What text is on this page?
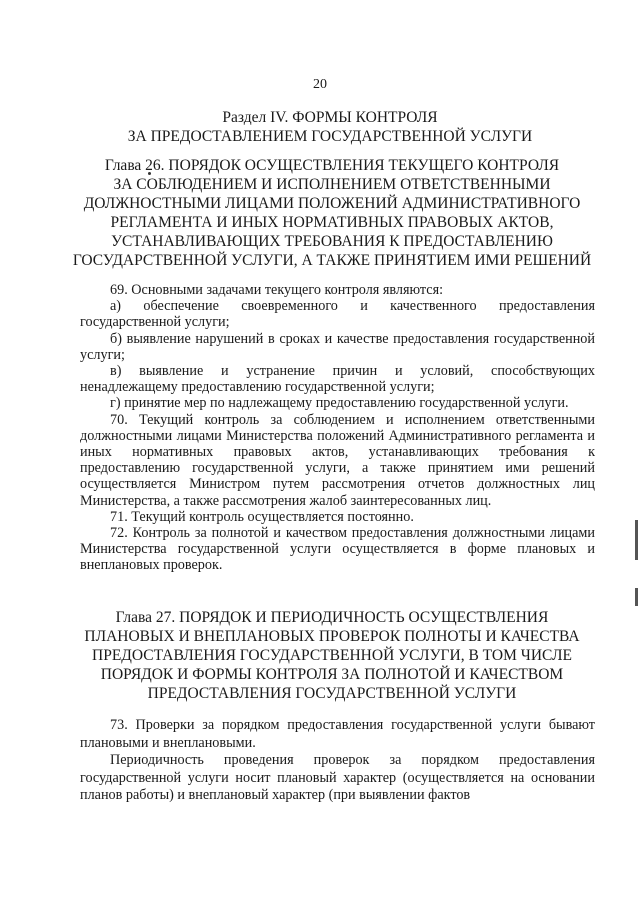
20
Раздел IV. ФОРМЫ КОНТРОЛЯ
ЗА ПРЕДОСТАВЛЕНИЕМ ГОСУДАРСТВЕННОЙ УСЛУГИ
Глава 26. ПОРЯДОК ОСУЩЕСТВЛЕНИЯ ТЕКУЩЕГО КОНТРОЛЯ
ЗА СОБЛЮДЕНИЕМ И ИСПОЛНЕНИЕМ ОТВЕТСТВЕННЫМИ
ДОЛЖНОСТНЫМИ ЛИЦАМИ ПОЛОЖЕНИЙ АДМИНИСТРАТИВНОГО
РЕГЛАМЕНТА И ИНЫХ НОРМАТИВНЫХ ПРАВОВЫХ АКТОВ,
УСТАНАВЛИВАЮЩИХ ТРЕБОВАНИЯ К ПРЕДОСТАВЛЕНИЮ
ГОСУДАРСТВЕННОЙ УСЛУГИ, А ТАКЖЕ ПРИНЯТИЕМ ИМИ РЕШЕНИЙ

69. Основными задачами текущего контроля являются:

а) обеспечение своевременного и качественного предоставления государственной услуги;

б) выявление нарушений в сроках и качестве предоставления государственной услуги;

в) выявление и устранение причин и условий, способствующих ненадлежащему предоставлению государственной услуги;

г) принятие мер по надлежащему предоставлению государственной услуги.

70. Текущий контроль за соблюдением и исполнением ответственными должностными лицами Министерства положений Административного регламента и иных нормативных правовых актов, устанавливающих требования к предоставлению государственной услуги, а также принятием ими решений осуществляется Министром путем рассмотрения отчетов должностных лиц Министерства, а также рассмотрения жалоб заинтересованных лиц.

71. Текущий контроль осуществляется постоянно.

72. Контроль за полнотой и качеством предоставления должностными лицами Министерства государственной услуги осуществляется в форме плановых и внеплановых проверок.

Глава 27. ПОРЯДОК И ПЕРИОДИЧНОСТЬ ОСУЩЕСТВЛЕНИЯ
ПЛАНОВЫХ И ВНЕПЛАНОВЫХ ПРОВЕРОК ПОЛНОТЫ И КАЧЕСТВА
ПРЕДОСТАВЛЕНИЯ ГОСУДАРСТВЕННОЙ УСЛУГИ, В ТОМ ЧИСЛЕ
ПОРЯДОК И ФОРМЫ КОНТРОЛЯ ЗА ПОЛНОТОЙ И КАЧЕСТВОМ
ПРЕДОСТАВЛЕНИЯ ГОСУДАРСТВЕННОЙ УСЛУГИ

73. Проверки за порядком предоставления государственной услуги бывают плановыми и внеплановыми.

Периодичность проведения проверок за порядком предоставления государственной услуги носит плановый характер (осуществляется на основании планов работы) и внеплановый характер (при выявлении фактов
